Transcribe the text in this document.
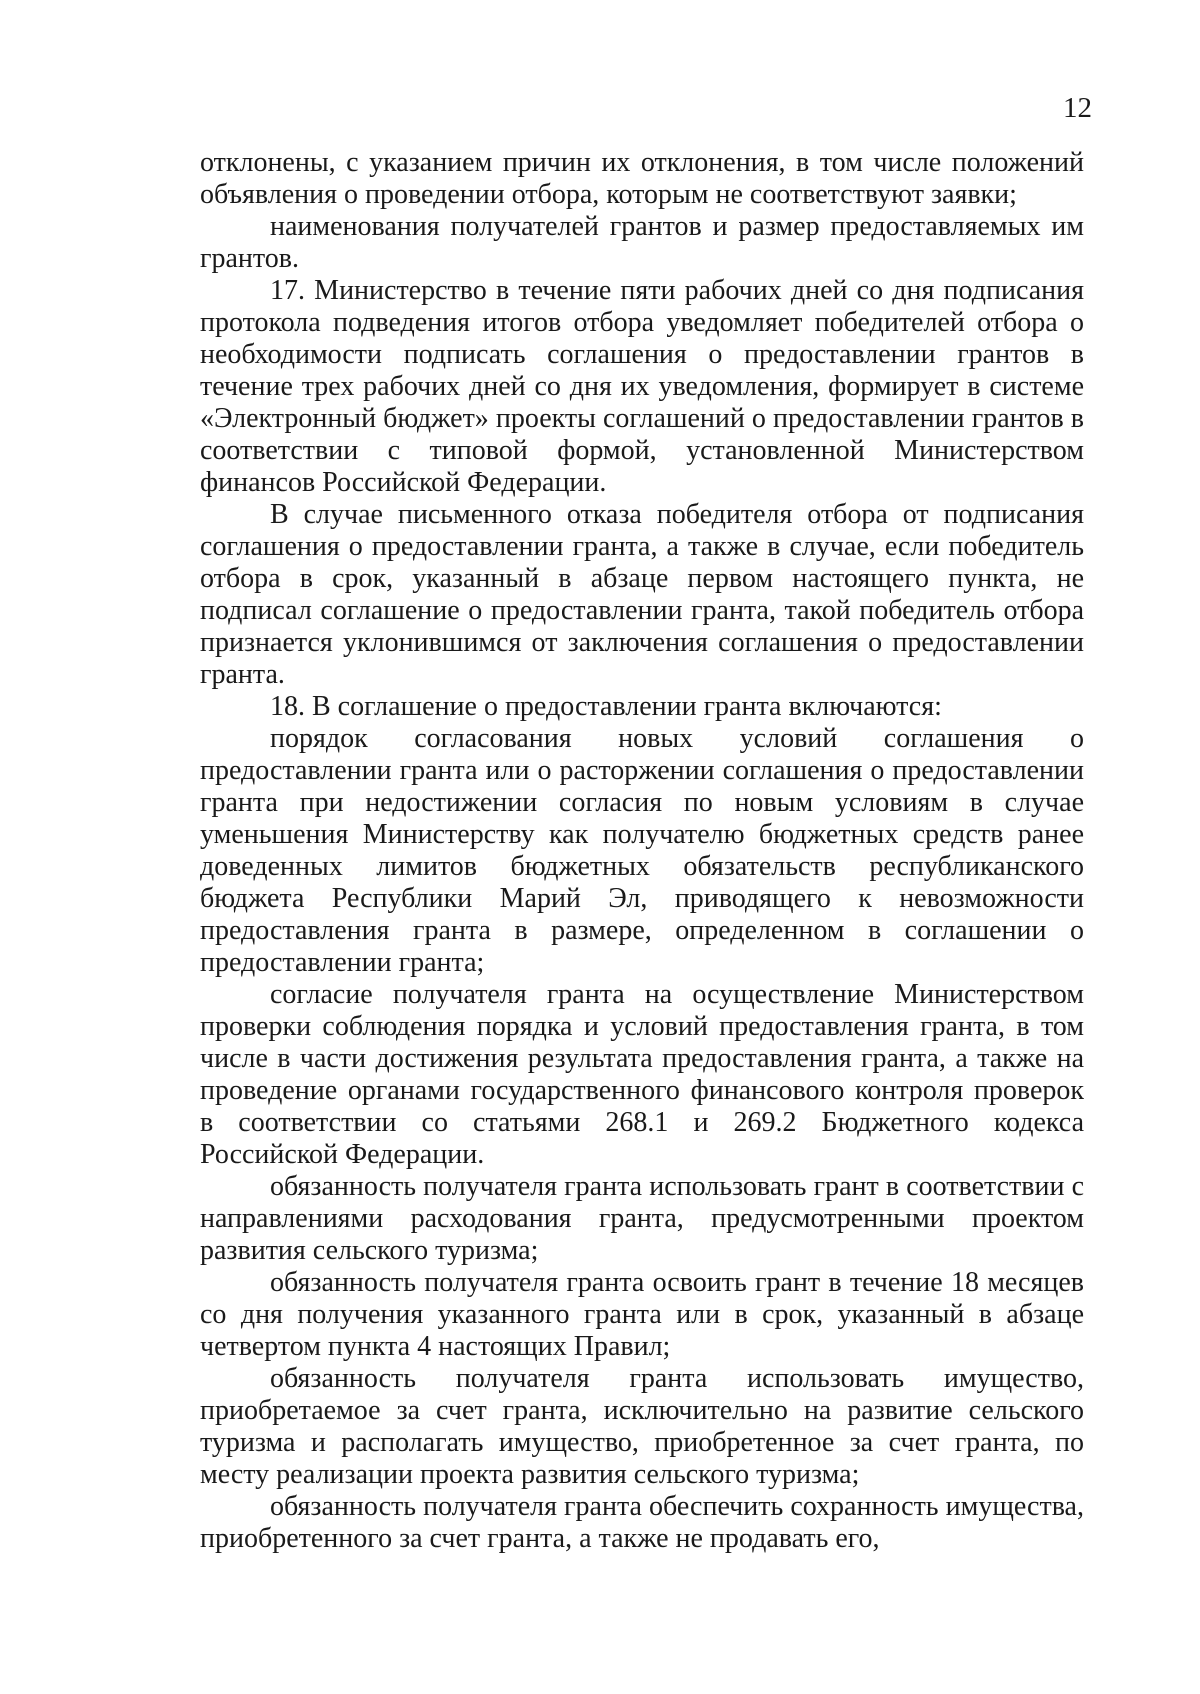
12

отклонены, с указанием причин их отклонения, в том числе положений объявления о проведении отбора, которым не соответствуют заявки;

наименования получателей грантов и размер предоставляемых им грантов.

17. Министерство в течение пяти рабочих дней со дня подписания протокола подведения итогов отбора уведомляет победителей отбора о необходимости подписать соглашения о предоставлении грантов в течение трех рабочих дней со дня их уведомления, формирует в системе «Электронный бюджет» проекты соглашений о предоставлении грантов в соответствии с типовой формой, установленной Министерством финансов Российской Федерации.

В случае письменного отказа победителя отбора от подписания соглашения о предоставлении гранта, а также в случае, если победитель отбора в срок, указанный в абзаце первом настоящего пункта, не подписал соглашение о предоставлении гранта, такой победитель отбора признается уклонившимся от заключения соглашения о предоставлении гранта.

18. В соглашение о предоставлении гранта включаются:

порядок согласования новых условий соглашения о предоставлении гранта или о расторжении соглашения о предоставлении гранта при недостижении согласия по новым условиям в случае уменьшения Министерству как получателю бюджетных средств ранее доведенных лимитов бюджетных обязательств республиканского бюджета Республики Марий Эл, приводящего к невозможности предоставления гранта в размере, определенном в соглашении о предоставлении гранта;

согласие получателя гранта на осуществление Министерством проверки соблюдения порядка и условий предоставления гранта, в том числе в части достижения результата предоставления гранта, а также на проведение органами государственного финансового контроля проверок в соответствии со статьями 268.1 и 269.2 Бюджетного кодекса Российской Федерации.

обязанность получателя гранта использовать грант в соответствии с направлениями расходования гранта, предусмотренными проектом развития сельского туризма;

обязанность получателя гранта освоить грант в течение 18 месяцев со дня получения указанного гранта или в срок, указанный в абзаце четвертом пункта 4 настоящих Правил;

обязанность получателя гранта использовать имущество, приобретаемое за счет гранта, исключительно на развитие сельского туризма и располагать имущество, приобретенное за счет гранта, по месту реализации проекта развития сельского туризма;

обязанность получателя гранта обеспечить сохранность имущества, приобретенного за счет гранта, а также не продавать его,
